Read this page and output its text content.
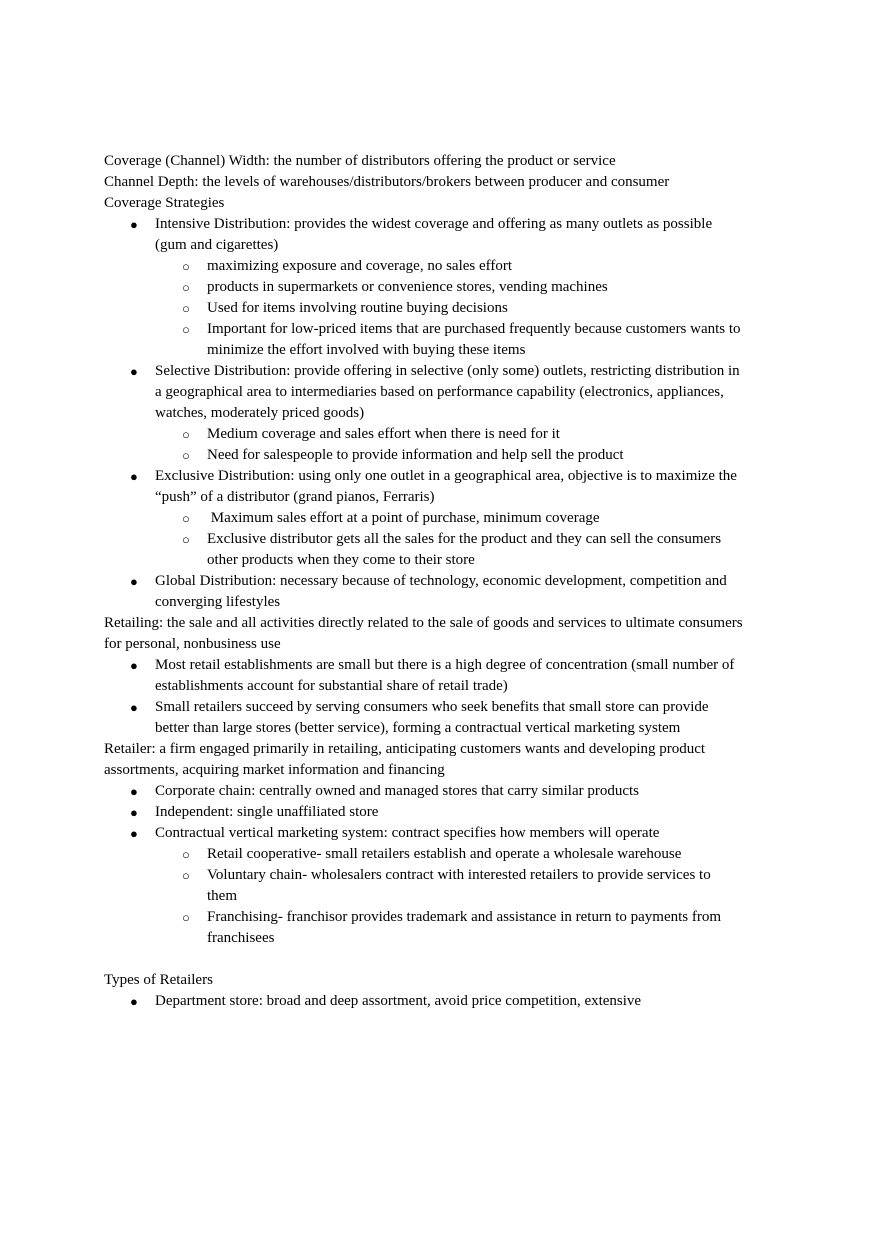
Coverage (Channel) Width: the number of distributors offering the product or service
Channel Depth: the levels of warehouses/distributors/brokers between producer and consumer
Coverage Strategies
● Intensive Distribution: provides the widest coverage and offering as many outlets as possible (gum and cigarettes)
○ maximizing exposure and coverage, no sales effort
○ products in supermarkets or convenience stores, vending machines
○ Used for items involving routine buying decisions
○ Important for low-priced items that are purchased frequently because customers wants to minimize the effort involved with buying these items
● Selective Distribution: provide offering in selective (only some) outlets, restricting distribution in a geographical area to intermediaries based on performance capability (electronics, appliances, watches, moderately priced goods)
○ Medium coverage and sales effort when there is need for it
○ Need for salespeople to provide information and help sell the product
● Exclusive Distribution: using only one outlet in a geographical area, objective is to maximize the “push” of a distributor (grand pianos, Ferraris)
○ Maximum sales effort at a point of purchase, minimum coverage
○ Exclusive distributor gets all the sales for the product and they can sell the consumers other products when they come to their store
● Global Distribution: necessary because of technology, economic development, competition and converging lifestyles
Retailing: the sale and all activities directly related to the sale of goods and services to ultimate consumers for personal, nonbusiness use
● Most retail establishments are small but there is a high degree of concentration (small number of establishments account for substantial share of retail trade)
● Small retailers succeed by serving consumers who seek benefits that small store can provide better than large stores (better service), forming a contractual vertical marketing system
Retailer: a firm engaged primarily in retailing, anticipating customers wants and developing product assortments, acquiring market information and financing
● Corporate chain: centrally owned and managed stores that carry similar products
● Independent: single unaffiliated store
● Contractual vertical marketing system: contract specifies how members will operate
○ Retail cooperative- small retailers establish and operate a wholesale warehouse
○ Voluntary chain- wholesalers contract with interested retailers to provide services to them
○ Franchising- franchisor provides trademark and assistance in return to payments from franchisees
Types of Retailers
● Department store: broad and deep assortment, avoid price competition, extensive
